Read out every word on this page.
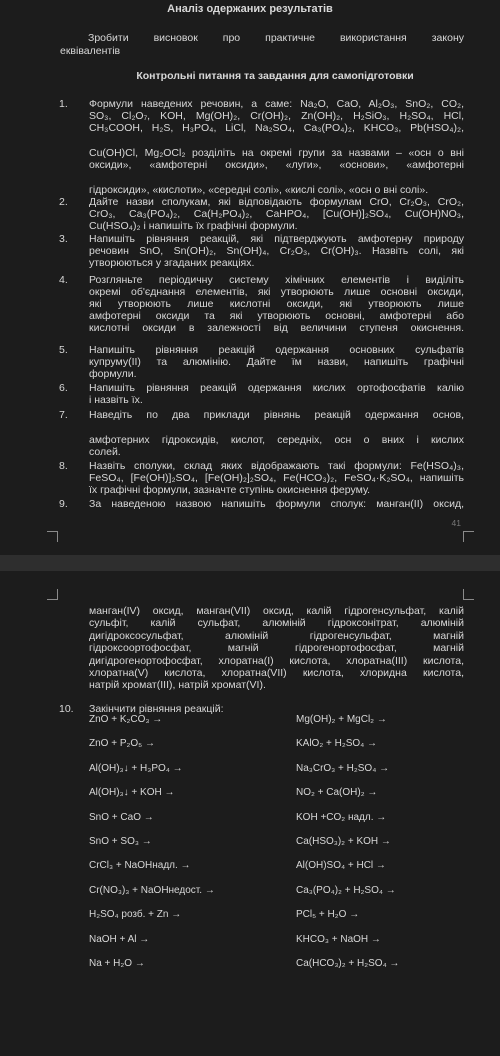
Аналіз одержаних результатів
Зробити висновок про практичне використання закону
еквівалентів
Контрольні питання та завдання для самопідготовки
1. Формули наведених речовин, а саме: Na₂O, CaO, Al₂O₃, SnO₂, CO₂,
SO₃, Cl₂O₇, KOH, Mg(OH)₂, Cr(OH)₂, Zn(OH)₂, H₂SiO₃, H₂SO₄, HCl,
CH₃COOH, H₂S, H₃PO₄, LiCl, Na₂SO₄, Ca₃(PO₄)₂, KHCO₃, Pb(HSO₄)₂,
Cu(OH)Cl, Mg₂OCl₂ розділіть на окремі групи за назвами – «осн о вні
оксиди», «амфотерні оксиди», «луги», «основи», «амфотерні
гідроксиди», «кислоти», «середні солі», «кислі солі», «осн о вні солі».
2. Дайте назви сполукам, які відповідають формулам CrO, Cr₂O₃, CrO₂,
CrO₃, Ca₃(PO₄)₂, Ca(H₂PO₄)₂, CaHPO₄, [Cu(OH)]₂SO₄, Cu(OH)NO₃,
Cu(HSO₄)₂ і напишіть їх графічні формули.
3. Напишіть рівняння реакцій, які підтверджують амфотерну природу
речовин SnO, Sn(OH)₂, Sn(OH)₄, Cr₂O₃, Cr(OH)₃. Назвіть солі, які
утворюються у згаданих реакціях.
4. Розгляньте періодичну систему хімічних елементів і виділіть
окремі об'єднання елементів, які утворюють лише основні оксиди,
які утворюють лише кислотні оксиди, які утворюють лише
амфотерні оксиди та які утворюють основні, амфотерні або
кислотні оксиди в залежності від величини ступеня окиснення.
5. Напишіть рівняння реакцій одержання основних сульфатів
купруму(ІІ) та алюмінію. Дайте їм назви, напишіть графічні
формули.
6. Напишіть рівняння реакцій одержання кислих ортофосфатів калію
і назвіть їх.
7. Наведіть по два приклади рівнянь реакцій одержання основ,
амфотерних гідроксидів, кислот, середніх, осн о вних і кислих
солей.
8. Назвіть сполуки, склад яких відображають такі формули: Fe(HSO₄)₃,
FeSO₄, [Fe(OH)]₂SO₄, [Fe(OH)₂]₂SO₄, Fe(HCO₃)₂, FeSO₄·K₂SO₄, напишіть
їх графічні формули, зазначте ступінь окиснення феруму.
9. За наведеною назвою напишіть формули сполук: манган(ІІ) оксид,
41
манган(IV) оксид, манган(VІІ) оксид, калій гідрогенсульфат, калій
сульфіт, калій сульфат, алюміній гідроксонітрат, алюміній
дигідроксосульфат, алюміній гідрогенсульфат, магній
гідроксоортофосфат, магній гідрогенортофосфат, магній
дигідрогенортофосфат, хлоратна(І) кислота, хлоратна(ІІІ) кислота,
хлоратна(V) кислота, хлоратна(VІІ) кислота, хлоридна кислота,
натрій хромат(ІІІ), натрій хромат(VІ).
10. Закінчити рівняння реакцій:
ZnO + K₂CO₃ →
ZnO + P₂O₅ →
Al(OH)₃↓ + H₃PO₄ →
Al(OH)₃↓ + KOH →
SnO + CaO →
SnO + SO₃ →
CrCl₃ + NaOHнадл. →
Cr(NO₃)₃ + NaOHнедост. →
H₂SO₄ розб. + Zn →
NaOH + Al →
Na + H₂O →
Mg(OH)₂ + MgCl₂ →
KAlO₂ + H₂SO₄ →
Na₃CrO₃ + H₂SO₄ →
NO₂ + Ca(OH)₂ →
KOH +CO₂ надл. →
Ca(HSO₃)₂ + KOH →
Al(OH)SO₄ + HCl →
Ca₃(PO₄)₂ + H₂SO₄ →
PCl₅ + H₂O →
KHCO₃ + NaOH →
Ca(HCO₃)₂ + H₂SO₄ →
